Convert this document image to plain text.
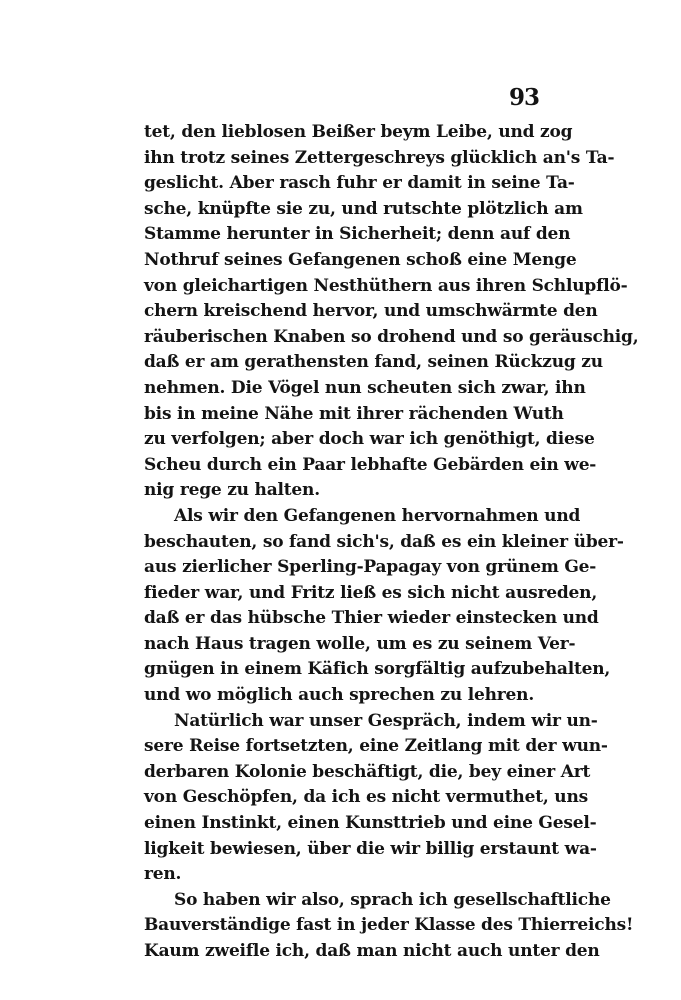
93
tet, den lieblosen Beißer beym Leibe, und zog
ihn trotz seines Zettergeschreys glücklich an's Ta-
geslicht. Aber rasch fuhr er damit in seine Ta-
sche, knüpfte sie zu, und rutschte plötzlich am
Stamme herunter in Sicherheit; denn auf den
Nothruf seines Gefangenen schoß eine Menge
von gleichartigen Nesthüthern aus ihren Schlupflö-
chern kreischend hervor, und umschwärmte den
räuberischen Knaben so drohend und so geräuschig,
daß er am gerathensten fand, seinen Rückzug zu
nehmen. Die Vögel nun scheuten sich zwar, ihn
bis in meine Nähe mit ihrer rächenden Wuth
zu verfolgen; aber doch war ich genöthigt, diese
Scheu durch ein Paar lebhafte Gebärden ein we-
nig rege zu halten.
Als wir den Gefangenen hervornahmen und
beschauten, so fand sich's, daß es ein kleiner über-
aus zierlicher Sperling-Papagay von grünem Ge-
fieder war, und Fritz ließ es sich nicht ausreden,
daß er das hübsche Thier wieder einstecken und
nach Haus tragen wolle, um es zu seinem Ver-
gnügen in einem Käfich sorgfältig aufzubehalten,
und wo möglich auch sprechen zu lehren.
Natürlich war unser Gespräch, indem wir un-
sere Reise fortsetzten, eine Zeitlang mit der wun-
derbaren Kolonie beschäftigt, die, bey einer Art
von Geschöpfen, da ich es nicht vermuthet, uns
einen Instinkt, einen Kunsttrieb und eine Gesel-
ligkeit bewiesen, über die wir billig erstaunt wa-
ren.
So haben wir also, sprach ich gesellschaftliche
Bauverständige fast in jeder Klasse des Thierreichs!
Kaum zweifle ich, daß man nicht auch unter den
